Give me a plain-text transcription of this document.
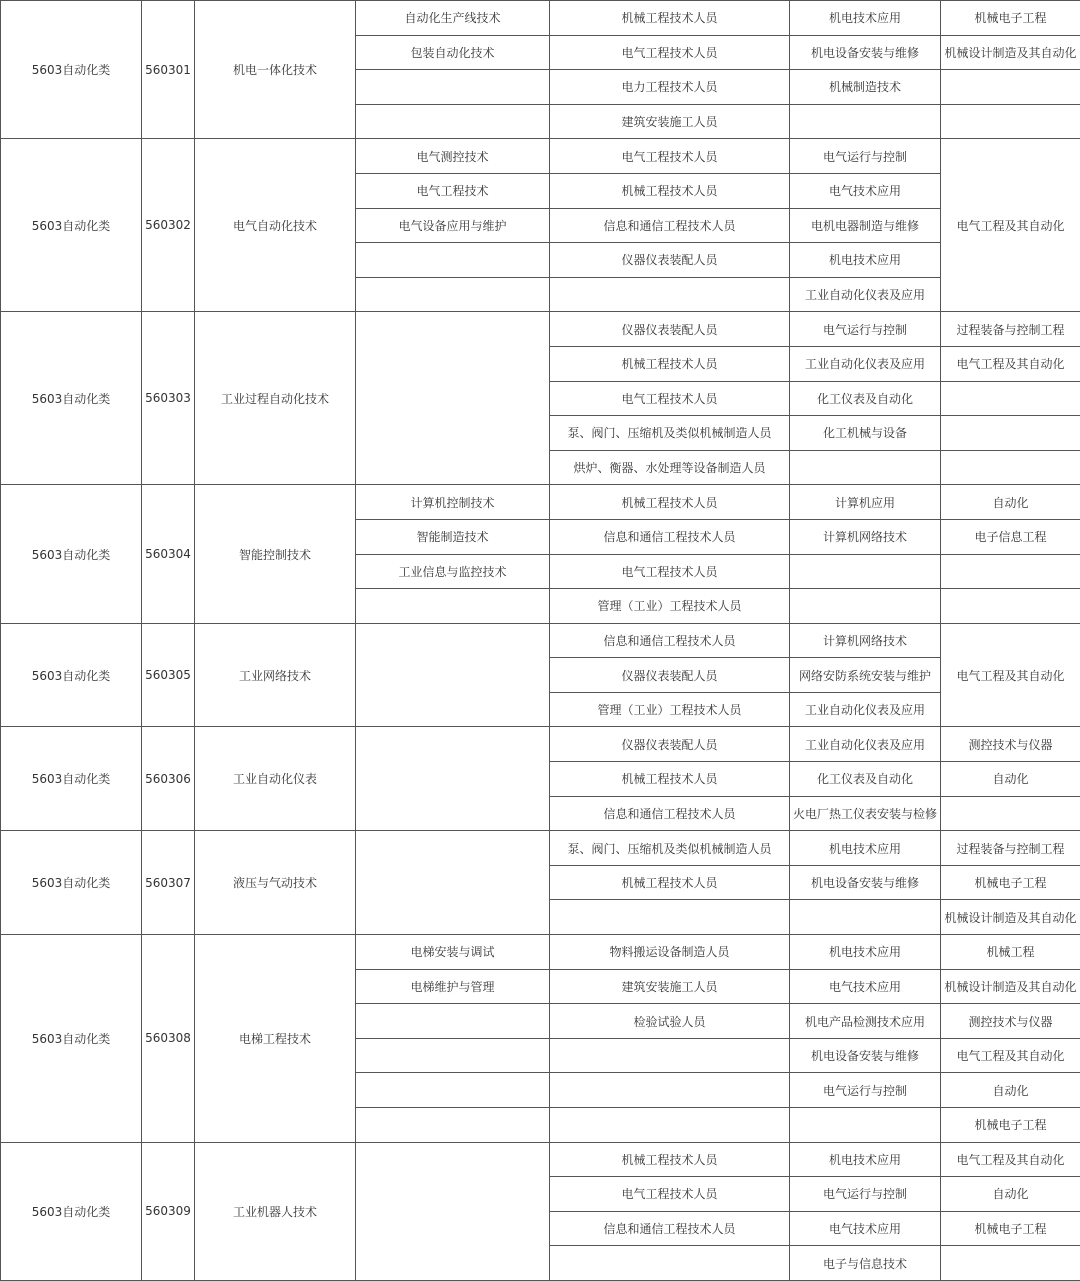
5603自动化类	560301	机电一体化技术	自动化生产线技术	机械工程技术人员	机电技术应用	机械电子工程
			包装自动化技术	电气工程技术人员	机电设备安装与维修	机械设计制造及其自动化
				电力工程技术人员	机械制造技术	
				建筑安装施工人员		
5603自动化类	560302	电气自动化技术	电气测控技术	电气工程技术人员	电气运行与控制	电气工程及其自动化
			电气工程技术	机械工程技术人员	电气技术应用	
			电气设备应用与维护	信息和通信工程技术人员	电机电器制造与维修	
				仪器仪表装配人员	机电技术应用	
					工业自动化仪表及应用	
5603自动化类	560303	工业过程自动化技术		仪器仪表装配人员	电气运行与控制	过程装备与控制工程
				机械工程技术人员	工业自动化仪表及应用	电气工程及其自动化
				电气工程技术人员	化工仪表及自动化	
				泵、阀门、压缩机及类似机械制造人员	化工机械与设备	
				烘炉、衡器、水处理等设备制造人员		
5603自动化类	560304	智能控制技术	计算机控制技术	机械工程技术人员	计算机应用	自动化
			智能制造技术	信息和通信工程技术人员	计算机网络技术	电子信息工程
			工业信息与监控技术	电气工程技术人员		
				管理（工业）工程技术人员		
5603自动化类	560305	工业网络技术		信息和通信工程技术人员	计算机网络技术	电气工程及其自动化
				仪器仪表装配人员	网络安防系统安装与维护	
				管理（工业）工程技术人员	工业自动化仪表及应用	
5603自动化类	560306	工业自动化仪表		仪器仪表装配人员	工业自动化仪表及应用	测控技术与仪器
				机械工程技术人员	化工仪表及自动化	自动化
				信息和通信工程技术人员	火电厂热工仪表安装与检修	
5603自动化类	560307	液压与气动技术		泵、阀门、压缩机及类似机械制造人员	机电技术应用	过程装备与控制工程
				机械工程技术人员	机电设备安装与维修	机械电子工程
						机械设计制造及其自动化
5603自动化类	560308	电梯工程技术	电梯安装与调试	物料搬运设备制造人员	机电技术应用	机械工程
			电梯维护与管理	建筑安装施工人员	电气技术应用	机械设计制造及其自动化
				检验试验人员	机电产品检测技术应用	测控技术与仪器
					机电设备安装与维修	电气工程及其自动化
					电气运行与控制	自动化
						机械电子工程
5603自动化类	560309	工业机器人技术		机械工程技术人员	机电技术应用	电气工程及其自动化
				电气工程技术人员	电气运行与控制	自动化
				信息和通信工程技术人员	电气技术应用	机械电子工程
					电子与信息技术	
